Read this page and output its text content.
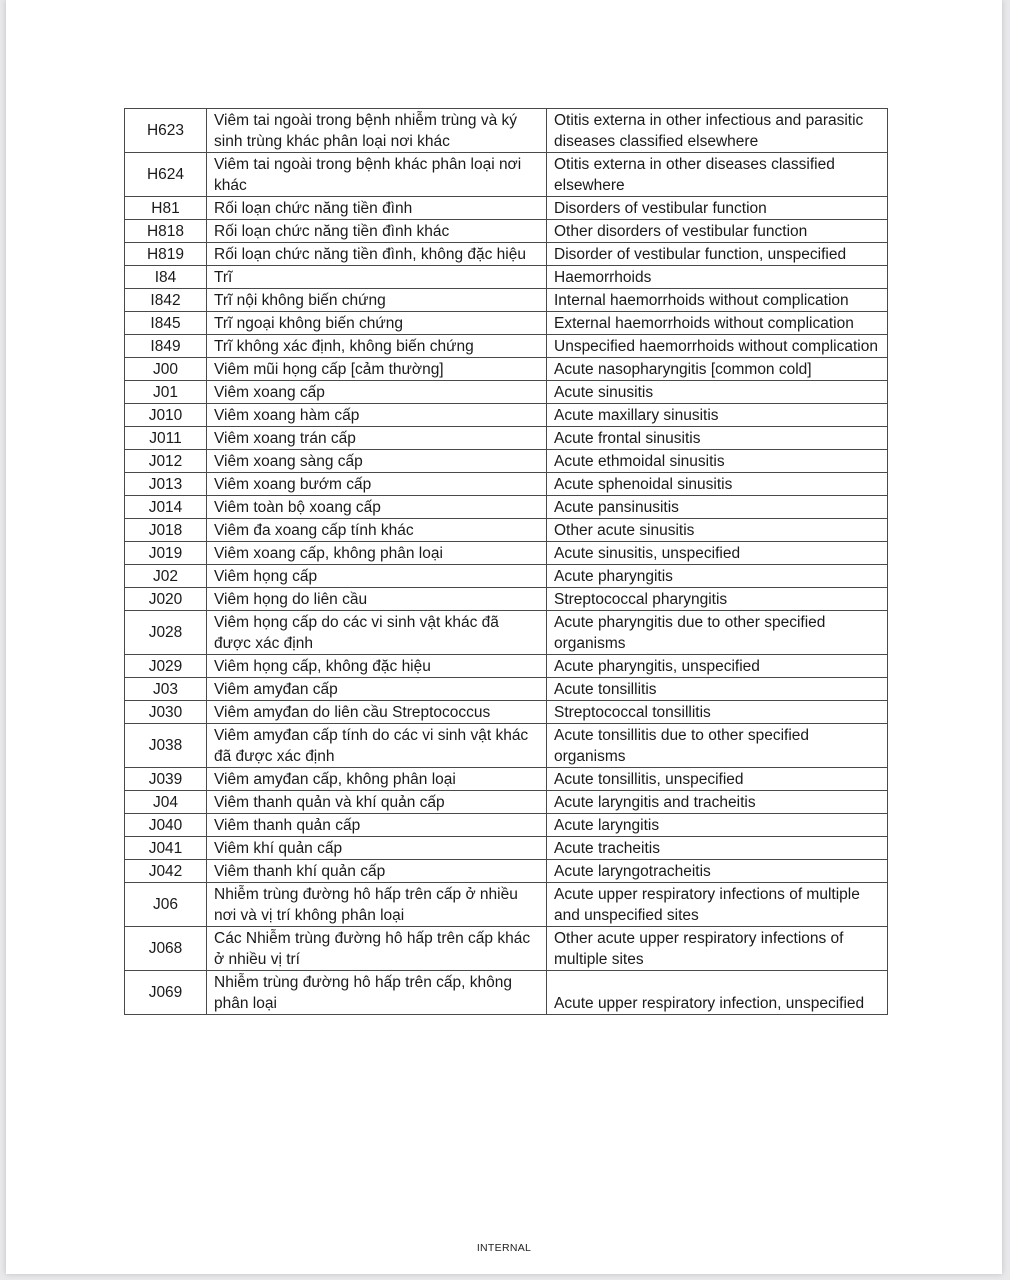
H623	Viêm tai ngoài trong bệnh nhiễm trùng và ký sinh trùng khác phân loại nơi khác	Otitis externa in other infectious and parasitic diseases classified elsewhere
H624	Viêm tai ngoài trong bệnh khác phân loại nơi khác	Otitis externa in other diseases classified elsewhere
H81	Rối loạn chức năng tiền đình	Disorders of vestibular function
H818	Rối loạn chức năng tiền đình khác	Other disorders of vestibular function
H819	Rối loạn chức năng tiền đình, không đặc hiệu	Disorder of vestibular function, unspecified
I84	Trĩ	Haemorrhoids
I842	Trĩ nội không biến chứng	Internal haemorrhoids without complication
I845	Trĩ ngoại không biến chứng	External haemorrhoids without complication
I849	Trĩ không xác định, không biến chứng	Unspecified haemorrhoids without complication
J00	Viêm mũi họng cấp [cảm thường]	Acute nasopharyngitis [common cold]
J01	Viêm xoang cấp	Acute sinusitis
J010	Viêm xoang hàm cấp	Acute maxillary sinusitis
J011	Viêm xoang trán cấp	Acute frontal sinusitis
J012	Viêm xoang sàng cấp	Acute ethmoidal sinusitis
J013	Viêm xoang bướm cấp	Acute sphenoidal sinusitis
J014	Viêm toàn bộ xoang cấp	Acute pansinusitis
J018	Viêm đa xoang cấp tính khác	Other acute sinusitis
J019	Viêm xoang cấp, không phân loại	Acute sinusitis, unspecified
J02	Viêm họng cấp	Acute pharyngitis
J020	Viêm họng do liên cầu	Streptococcal pharyngitis
J028	Viêm họng cấp do các vi sinh vật khác đã được xác định	Acute pharyngitis due to other specified organisms
J029	Viêm họng cấp, không đặc hiệu	Acute pharyngitis, unspecified
J03	Viêm amyđan cấp	Acute tonsillitis
J030	Viêm amyđan do liên cầu Streptococcus	Streptococcal tonsillitis
J038	Viêm amyđan cấp tính do các vi sinh vật khác đã được xác định	Acute tonsillitis due to other specified organisms
J039	Viêm amyđan cấp, không phân loại	Acute tonsillitis, unspecified
J04	Viêm thanh quản và khí quản cấp	Acute laryngitis and tracheitis
J040	Viêm thanh quản cấp	Acute laryngitis
J041	Viêm khí quản cấp	Acute tracheitis
J042	Viêm thanh khí quản cấp	Acute laryngotracheitis
J06	Nhiễm trùng đường hô hấp trên cấp ở nhiều nơi và vị trí không phân loại	Acute upper respiratory infections of multiple and unspecified sites
J068	Các Nhiễm trùng đường hô hấp trên cấp khác ở nhiều vị trí	Other acute upper respiratory infections of multiple sites
J069	Nhiễm trùng đường hô hấp trên cấp, không phân loại	Acute upper respiratory infection, unspecified
INTERNAL
